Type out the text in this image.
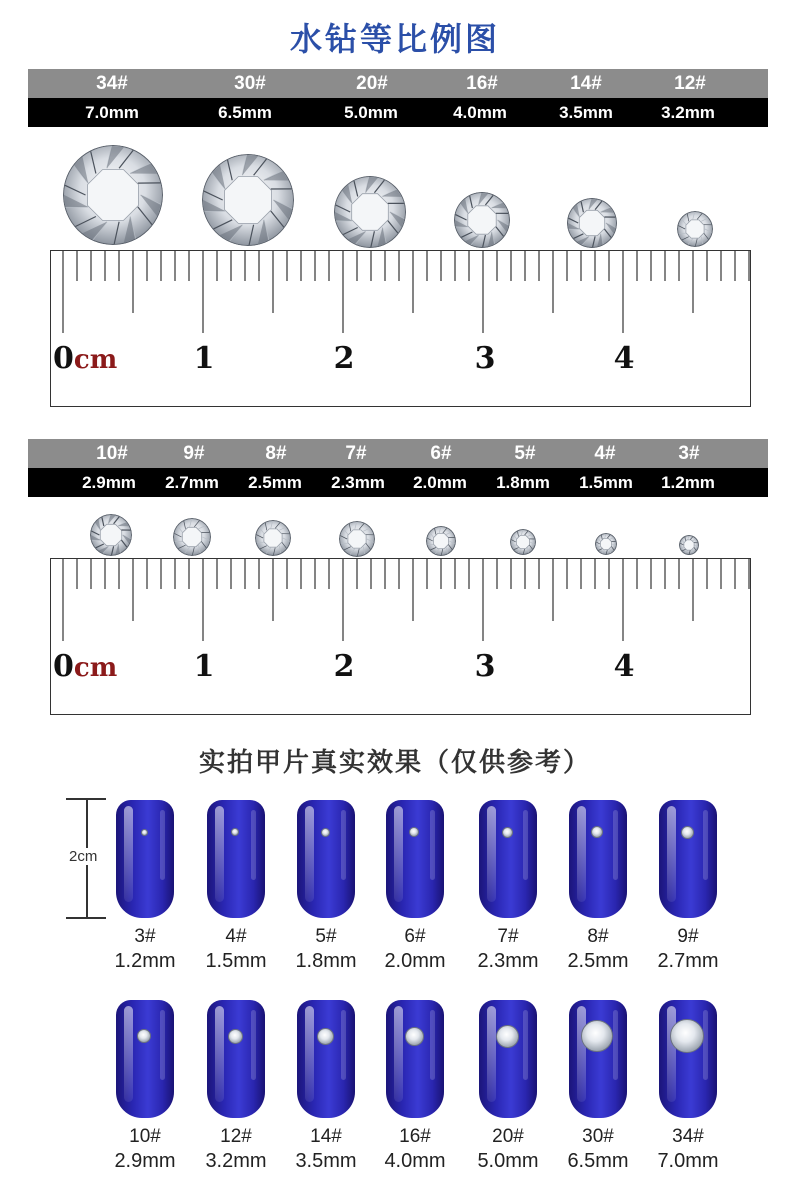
水钻等比例图
34#	30#	20#	16#	14#	12#
7.0mm	6.5mm	5.0mm	4.0mm	3.5mm	3.2mm
0cm	1	2	3	4
10#	9#	8#	7#	6#	5#	4#	3#
2.9mm	2.7mm	2.5mm	2.3mm	2.0mm	1.8mm	1.5mm	1.2mm
0cm	1	2	3	4
实拍甲片真实效果（仅供参考）
2cm
3#
1.2mm
4#
1.5mm
5#
1.8mm
6#
2.0mm
7#
2.3mm
8#
2.5mm
9#
2.7mm
10#
2.9mm
12#
3.2mm
14#
3.5mm
16#
4.0mm
20#
5.0mm
30#
6.5mm
34#
7.0mm
